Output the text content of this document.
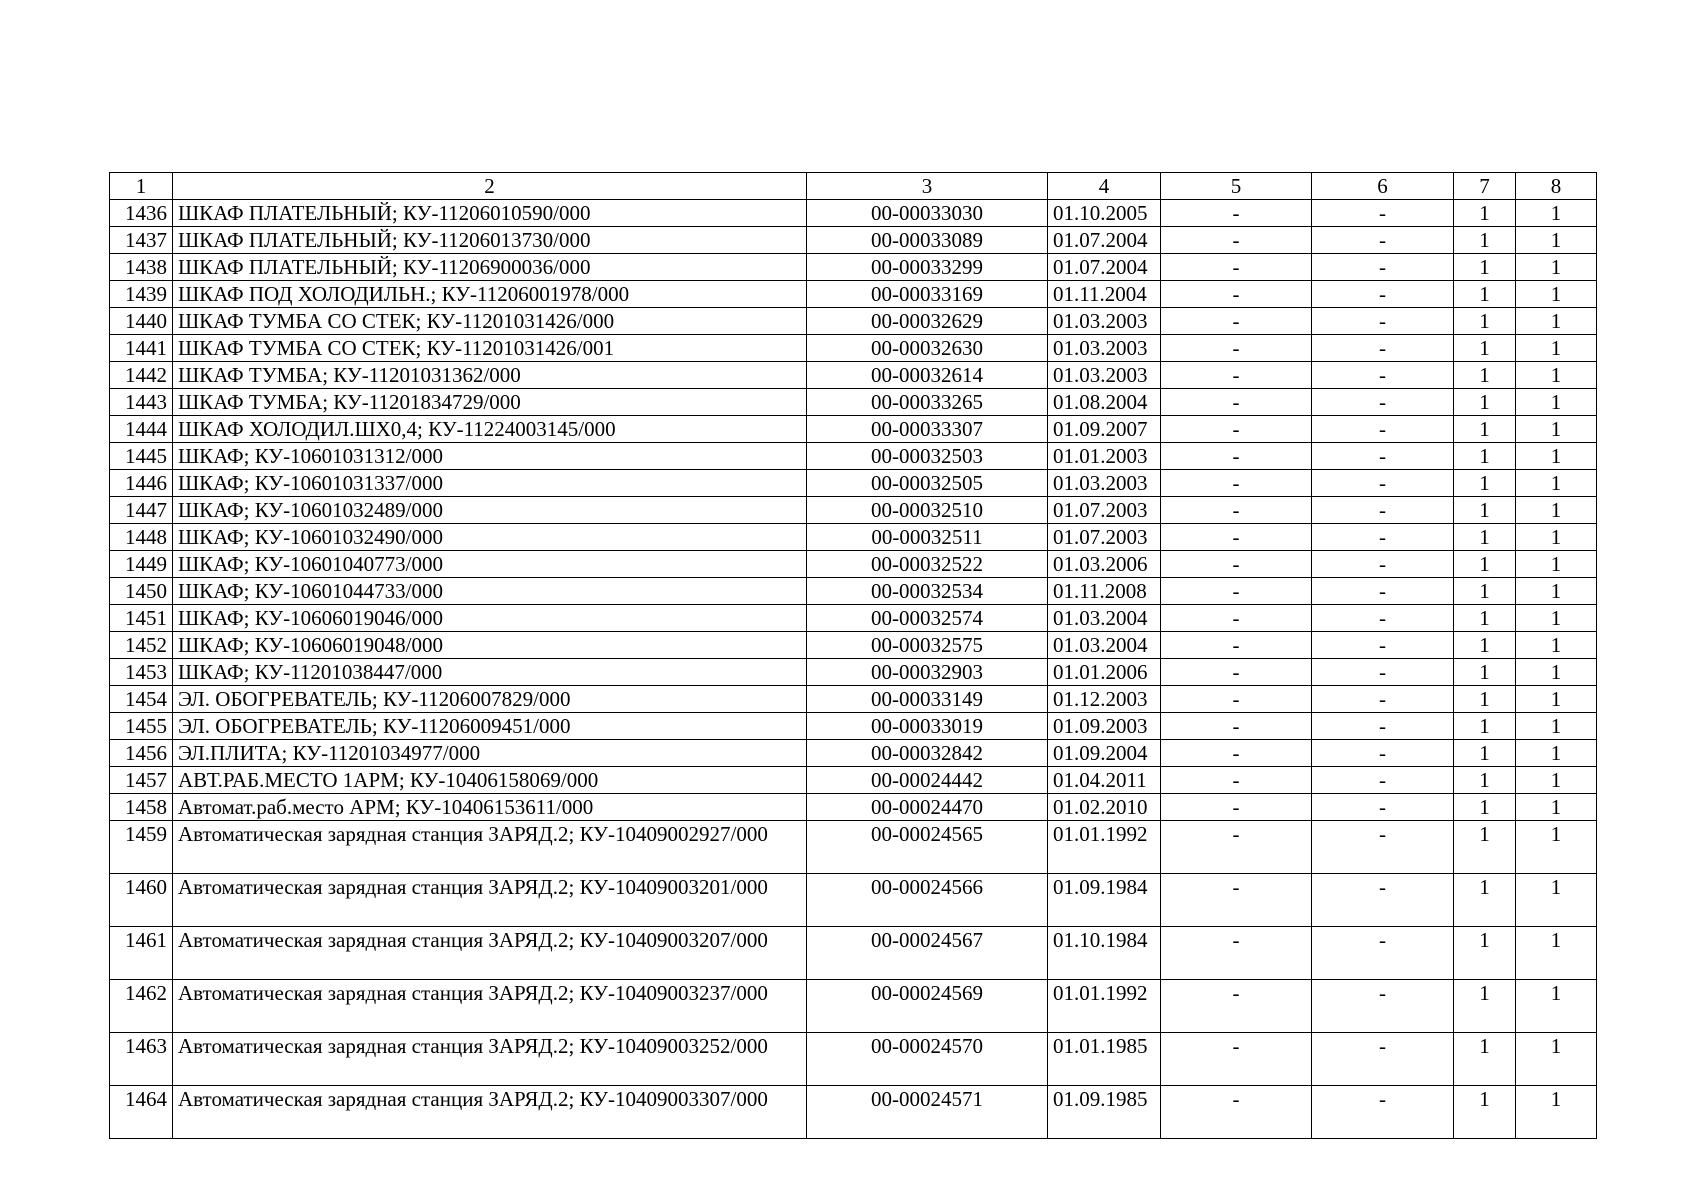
1	2	3	4	5	6	7	8
1436	ШКАФ ПЛАТЕЛЬНЫЙ; КУ-11206010590/000	00-00033030	01.10.2005	-	-	1	1
1437	ШКАФ ПЛАТЕЛЬНЫЙ; КУ-11206013730/000	00-00033089	01.07.2004	-	-	1	1
1438	ШКАФ ПЛАТЕЛЬНЫЙ; КУ-11206900036/000	00-00033299	01.07.2004	-	-	1	1
1439	ШКАФ ПОД ХОЛОДИЛЬН.; КУ-11206001978/000	00-00033169	01.11.2004	-	-	1	1
1440	ШКАФ ТУМБА СО СТЕК; КУ-11201031426/000	00-00032629	01.03.2003	-	-	1	1
1441	ШКАФ ТУМБА СО СТЕК; КУ-11201031426/001	00-00032630	01.03.2003	-	-	1	1
1442	ШКАФ ТУМБА; КУ-11201031362/000	00-00032614	01.03.2003	-	-	1	1
1443	ШКАФ ТУМБА; КУ-11201834729/000	00-00033265	01.08.2004	-	-	1	1
1444	ШКАФ ХОЛОДИЛ.ШХ0,4; КУ-11224003145/000	00-00033307	01.09.2007	-	-	1	1
1445	ШКАФ; КУ-10601031312/000	00-00032503	01.01.2003	-	-	1	1
1446	ШКАФ; КУ-10601031337/000	00-00032505	01.03.2003	-	-	1	1
1447	ШКАФ; КУ-10601032489/000	00-00032510	01.07.2003	-	-	1	1
1448	ШКАФ; КУ-10601032490/000	00-00032511	01.07.2003	-	-	1	1
1449	ШКАФ; КУ-10601040773/000	00-00032522	01.03.2006	-	-	1	1
1450	ШКАФ; КУ-10601044733/000	00-00032534	01.11.2008	-	-	1	1
1451	ШКАФ; КУ-10606019046/000	00-00032574	01.03.2004	-	-	1	1
1452	ШКАФ; КУ-10606019048/000	00-00032575	01.03.2004	-	-	1	1
1453	ШКАФ; КУ-11201038447/000	00-00032903	01.01.2006	-	-	1	1
1454	ЭЛ. ОБОГРЕВАТЕЛЬ; КУ-11206007829/000	00-00033149	01.12.2003	-	-	1	1
1455	ЭЛ. ОБОГРЕВАТЕЛЬ; КУ-11206009451/000	00-00033019	01.09.2003	-	-	1	1
1456	ЭЛ.ПЛИТА; КУ-11201034977/000	00-00032842	01.09.2004	-	-	1	1
1457	АВТ.РАБ.МЕСТО 1АРМ; КУ-10406158069/000	00-00024442	01.04.2011	-	-	1	1
1458	Автомат.раб.место АРМ; КУ-10406153611/000	00-00024470	01.02.2010	-	-	1	1
1459	Автоматическая зарядная станция ЗАРЯД.2; КУ-10409002927/000	00-00024565	01.01.1992	-	-	1	1
1460	Автоматическая зарядная станция ЗАРЯД.2; КУ-10409003201/000	00-00024566	01.09.1984	-	-	1	1
1461	Автоматическая зарядная станция ЗАРЯД.2; КУ-10409003207/000	00-00024567	01.10.1984	-	-	1	1
1462	Автоматическая зарядная станция ЗАРЯД.2; КУ-10409003237/000	00-00024569	01.01.1992	-	-	1	1
1463	Автоматическая зарядная станция ЗАРЯД.2; КУ-10409003252/000	00-00024570	01.01.1985	-	-	1	1
1464	Автоматическая зарядная станция ЗАРЯД.2; КУ-10409003307/000	00-00024571	01.09.1985	-	-	1	1
